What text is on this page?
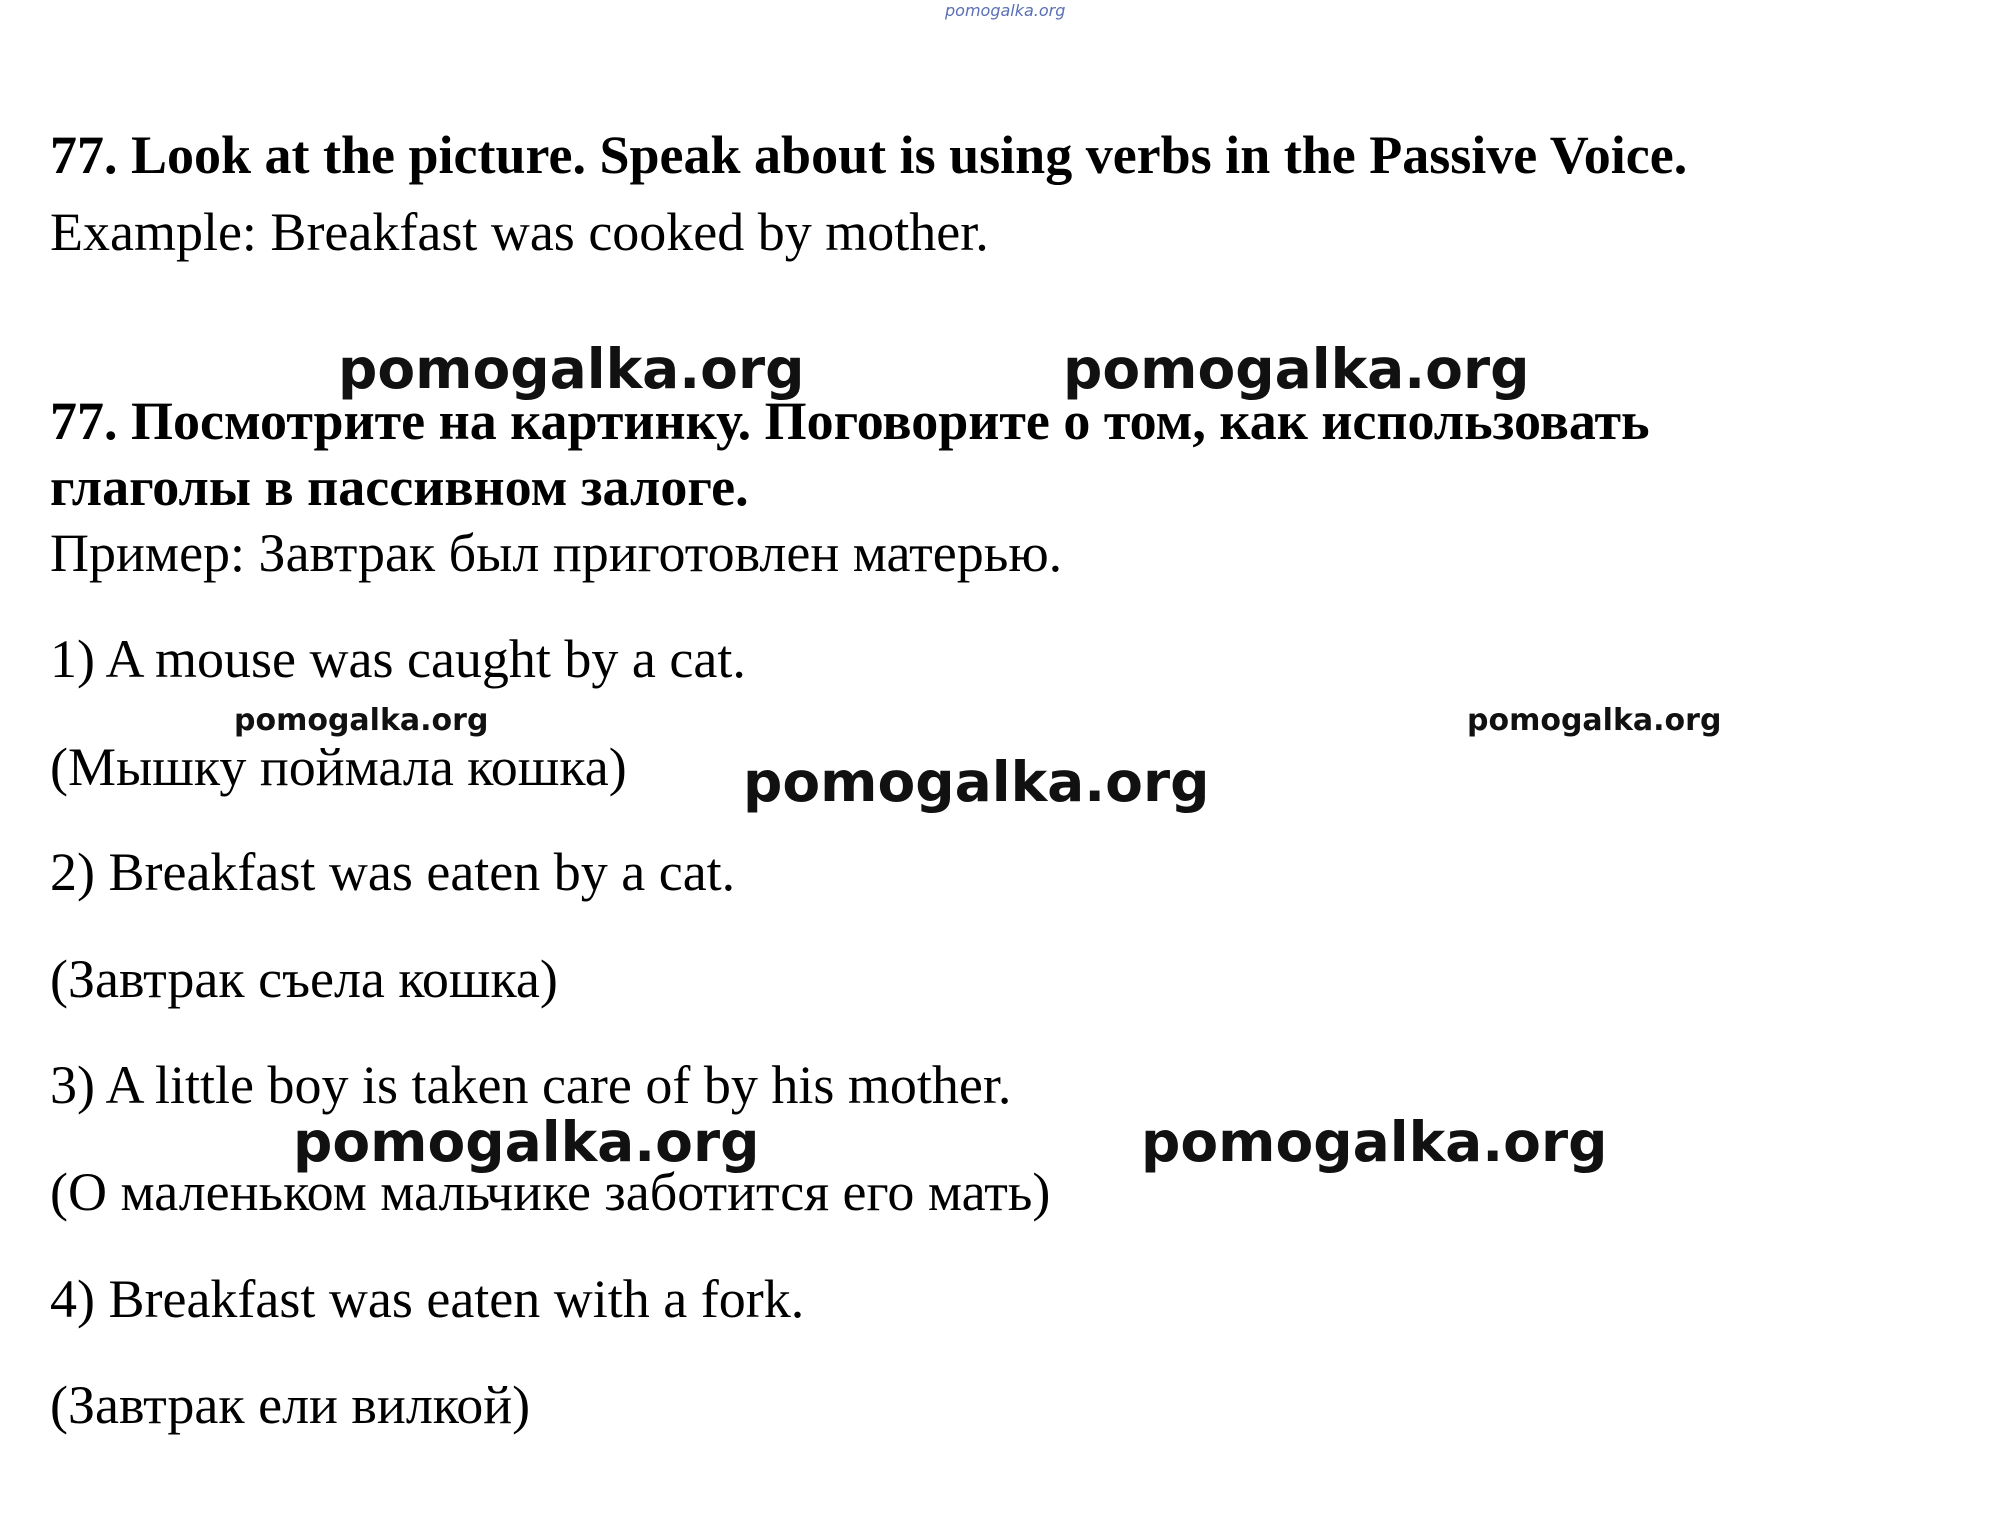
pomogalka.org
77. Look at the picture. Speak about is using verbs in the Passive Voice.
Example: Breakfast was cooked by mother.
pomogalka.org	pomogalka.org
77. Посмотрите на картинку. Поговорите о том, как использовать
глаголы в пассивном залоге.
Пример: Завтрак был приготовлен матерью.
1) A mouse was caught by a cat.
pomogalka.org	pomogalka.org
(Мышку поймала кошка) pomogalka.org
2) Breakfast was eaten by a cat.
(Завтрак съела кошка)
3) A little boy is taken care of by his mother.
(О маленьком мальчике заботится его мать)
pomogalka.org	pomogalka.org
4) Breakfast was eaten with a fork.
(Завтрак ели вилкой)
